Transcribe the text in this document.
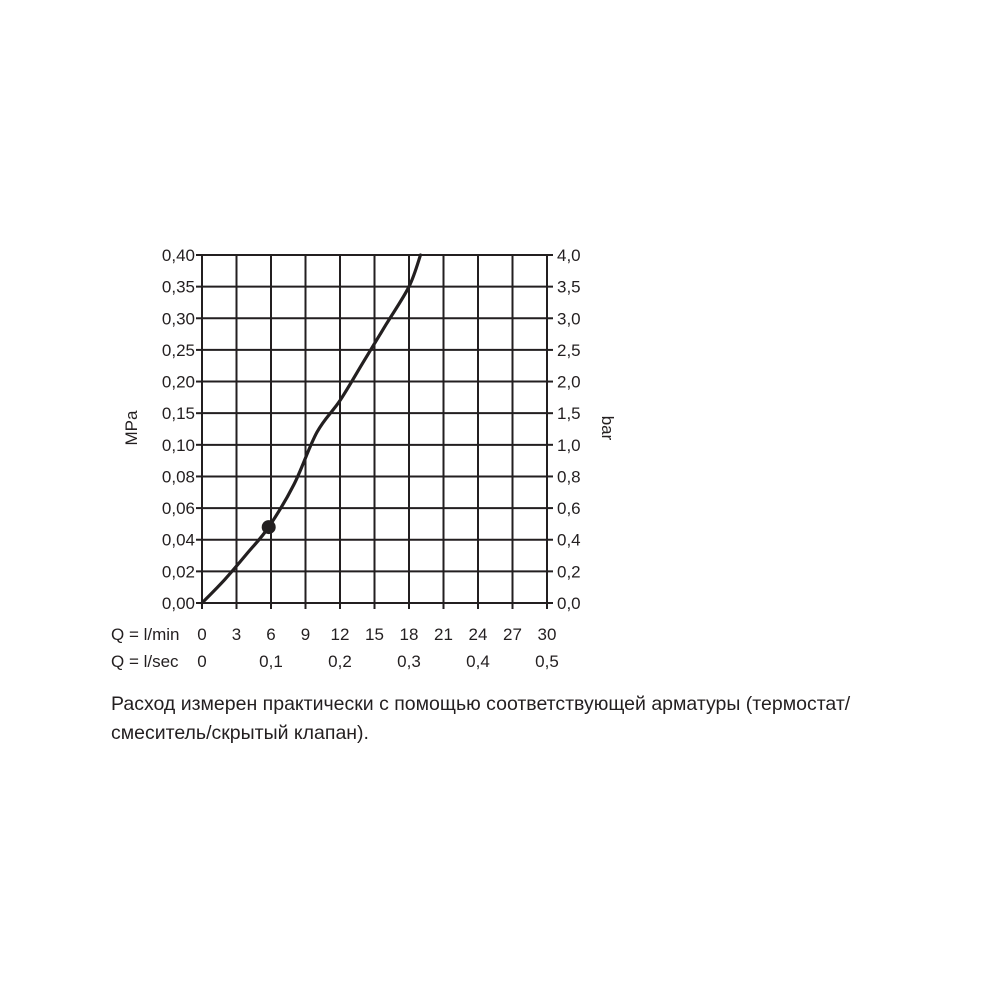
0,00
0,02
0,04
0,06
0,08
0,10
0,15
0,20
0,25
0,30
0,35
0,40
0,0
0,2
0,4
0,6
0,8
1,0
1,5
2,0
2,5
3,0
3,5
4,0
0 3 6 9 12 15 18 21 24 27 30
0	0,1	0,2	0,3	0,4	0,5
MPa	bar
Q = l/min
Q = l/sec
Расход измерен практически с помощью соответствующей арматуры (термостат/
смеситель/скрытый клапан).
